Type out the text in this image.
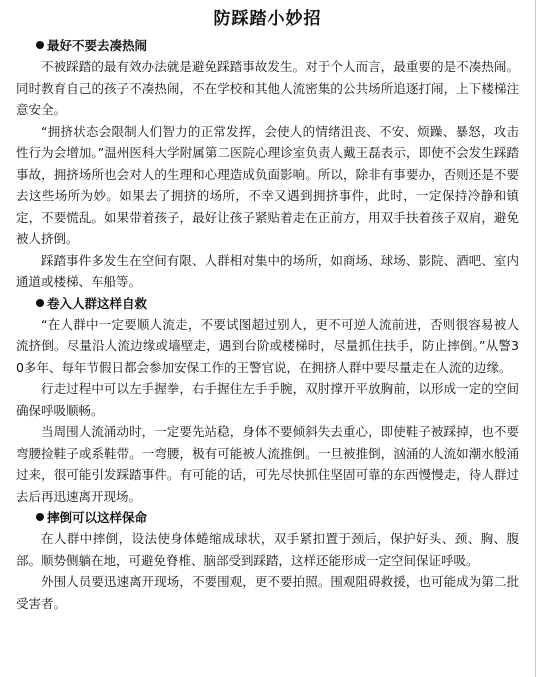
防踩踏小妙招
最好不要去凑热闹

不被踩踏的最有效办法就是避免踩踏事故发生。对于个人而言，最重要的是不凑热闹。同时教育自己的孩子不凑热闹，不在学校和其他人流密集的公共场所追逐打闹，上下楼梯注意安全。

“拥挤状态会限制人们智力的正常发挥，会使人的情绪沮丧、不安、烦躁、暴怒，攻击性行为会增加。”温州医科大学附属第二医院心理诊室负责人戴王磊表示，即使不会发生踩踏事故，拥挤场所也会对人的生理和心理造成负面影响。所以，除非有事要办，否则还是不要去这些场所为妙。如果去了拥挤的场所，不幸又遇到拥挤事件，此时，一定保持冷静和镇定，不要慌乱。如果带着孩子，最好让孩子紧贴着走在正前方，用双手扶着孩子双肩，避免被人挤倒。

踩踏事件多发生在空间有限、人群相对集中的场所，如商场、球场、影院、酒吧、室内通道或楼梯、车船等。

卷入人群这样自救

“在人群中一定要顺人流走，不要试图超过别人，更不可逆人流前进，否则很容易被人流挤倒。尽量沿人流边缘或墙壁走，遇到台阶或楼梯时，尽量抓住扶手，防止摔倒。”从警30多年、每年节假日都会参加安保工作的王警官说，在拥挤人群中要尽量走在人流的边缘。

行走过程中可以左手握拳，右手握住左手手腕，双肘撑开平放胸前，以形成一定的空间确保呼吸顺畅。

当周围人流涌动时，一定要先站稳，身体不要倾斜失去重心，即使鞋子被踩掉，也不要弯腰捡鞋子或系鞋带。一弯腰，极有可能被人流推倒。一旦被推倒，汹涌的人流如潮水般涌过来，很可能引发踩踏事件。有可能的话，可先尽快抓住坚固可靠的东西慢慢走，待人群过去后再迅速离开现场。

摔倒可以这样保命

在人群中摔倒，设法使身体蜷缩成球状，双手紧扣置于颈后，保护好头、颈、胸、腹部。顺势侧躺在地，可避免脊椎、脑部受到踩踏，这样还能形成一定空间保证呼吸。

外围人员要迅速离开现场，不要围观，更不要拍照。围观阻碍救援，也可能成为第二批受害者。
